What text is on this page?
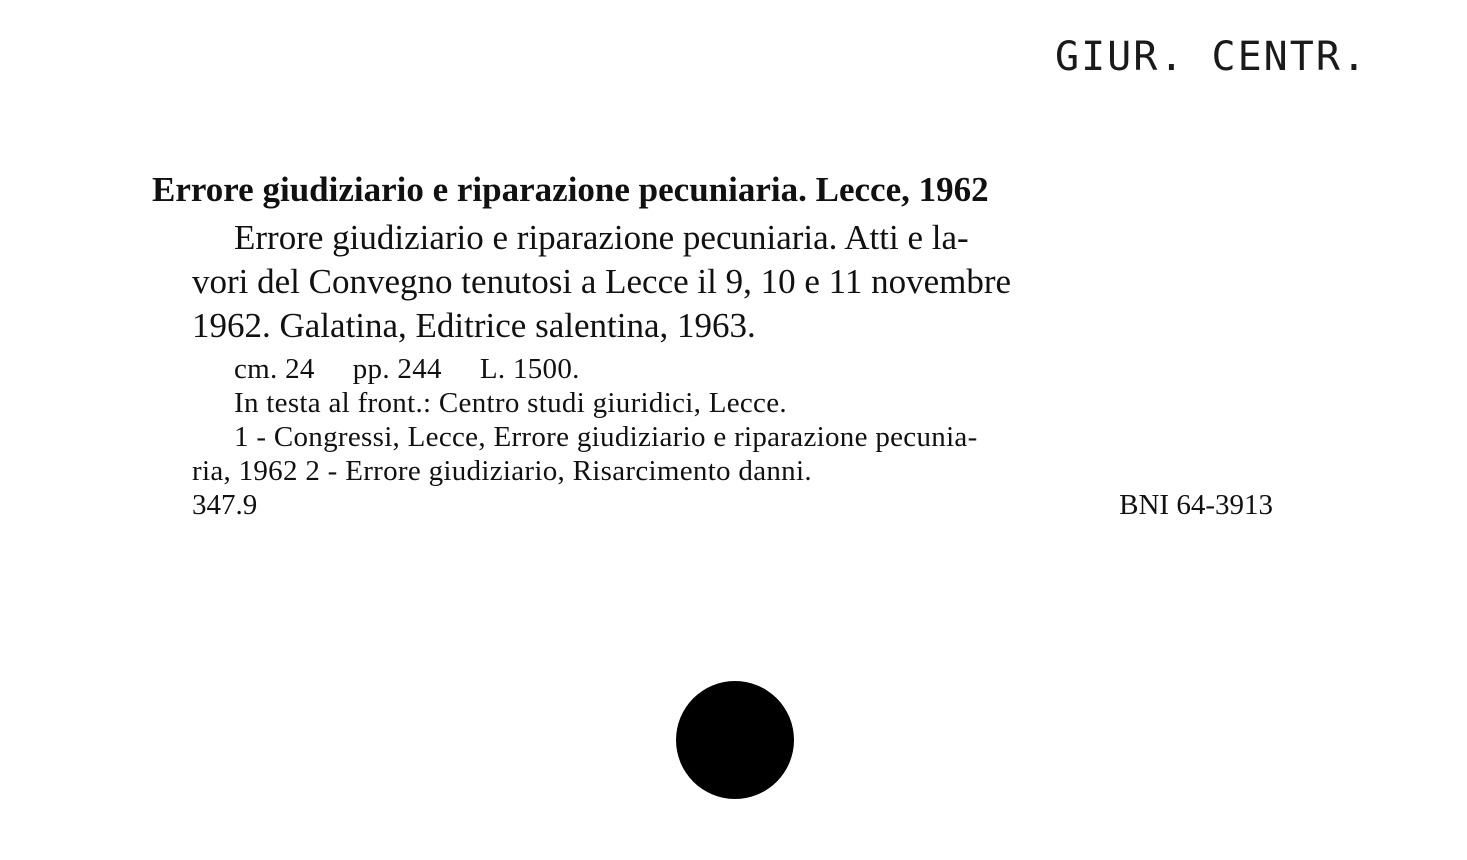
GIUR. CENTR.
Errore giudiziario e riparazione pecuniaria. Lecce, 1962
Errore giudiziario e riparazione pecuniaria. Atti e la-
vori del Convegno tenutosi a Lecce il 9, 10 e 11 novembre
1962. Galatina, Editrice salentina, 1963.
cm. 24 pp. 244 L. 1500.
In testa al front.: Centro studi giuridici, Lecce.
1 - Congressi, Lecce, Errore giudiziario e riparazione pecunia-
ria, 1962 2 - Errore giudiziario, Risarcimento danni.
347.9	BNI 64-3913
